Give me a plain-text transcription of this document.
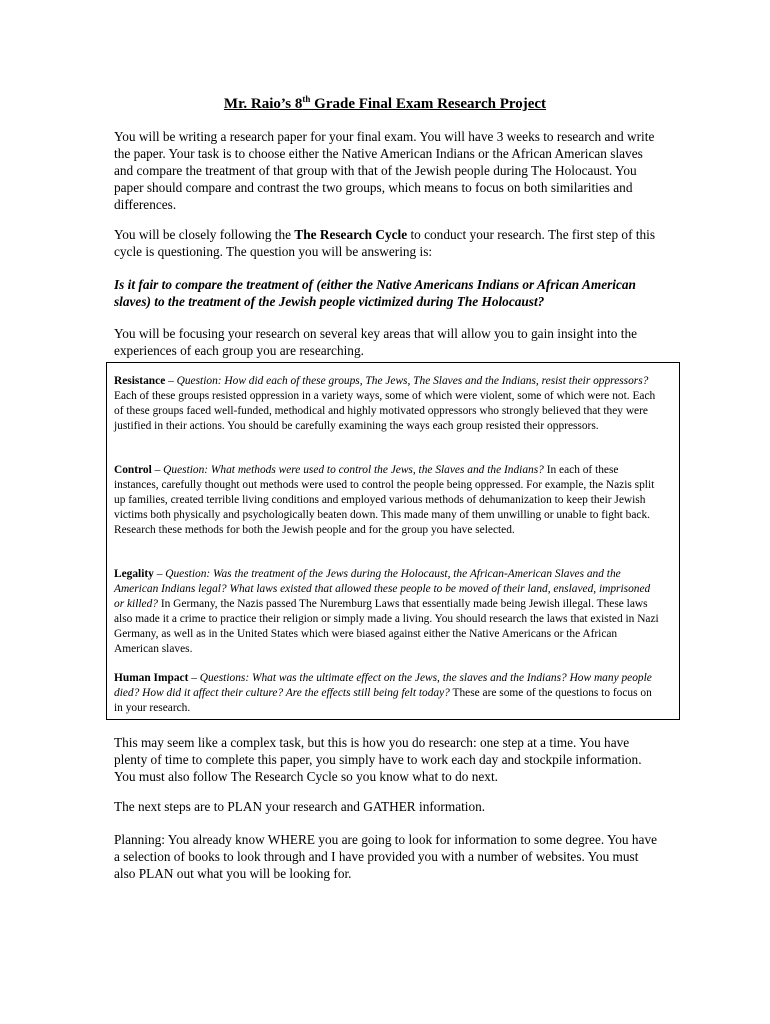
Mr. Raio’s 8th Grade Final Exam Research Project

You will be writing a research paper for your final exam. You will have 3 weeks to research and write the paper. Your task is to choose either the Native American Indians or the African American slaves and compare the treatment of that group with that of the Jewish people during The Holocaust. You paper should compare and contrast the two groups, which means to focus on both similarities and differences.

You will be closely following the The Research Cycle to conduct your research. The first step of this cycle is questioning. The question you will be answering is:

Is it fair to compare the treatment of (either the Native Americans Indians or African American slaves) to the treatment of the Jewish people victimized during The Holocaust?

You will be focusing your research on several key areas that will allow you to gain insight into the experiences of each group you are researching.

Resistance – Question: How did each of these groups, The Jews, The Slaves and the Indians, resist their oppressors? Each of these groups resisted oppression in a variety ways, some of which were violent, some of which were not. Each of these groups faced well-funded, methodical and highly motivated oppressors who strongly believed that they were justified in their actions. You should be carefully examining the ways each group resisted their oppressors.

Control – Question: What methods were used to control the Jews, the Slaves and the Indians? In each of these instances, carefully thought out methods were used to control the people being oppressed. For example, the Nazis split up families, created terrible living conditions and employed various methods of dehumanization to keep their Jewish victims both physically and psychologically beaten down. This made many of them unwilling or unable to fight back. Research these methods for both the Jewish people and for the group you have selected.

Legality – Question: Was the treatment of the Jews during the Holocaust, the African-American Slaves and the American Indians legal? What laws existed that allowed these people to be moved of their land, enslaved, imprisoned or killed? In Germany, the Nazis passed The Nuremburg Laws that essentially made being Jewish illegal. These laws also made it a crime to practice their religion or simply made a living. You should research the laws that existed in Nazi Germany, as well as in the United States which were biased against either the Native Americans or the African American slaves.

Human Impact – Questions: What was the ultimate effect on the Jews, the slaves and the Indians? How many people died? How did it affect their culture? Are the effects still being felt today? These are some of the questions to focus on in your research.

This may seem like a complex task, but this is how you do research: one step at a time. You have plenty of time to complete this paper, you simply have to work each day and stockpile information. You must also follow The Research Cycle so you know what to do next.

The next steps are to PLAN your research and GATHER information.

Planning: You already know WHERE you are going to look for information to some degree. You have a selection of books to look through and I have provided you with a number of websites. You must also PLAN out what you will be looking for.
